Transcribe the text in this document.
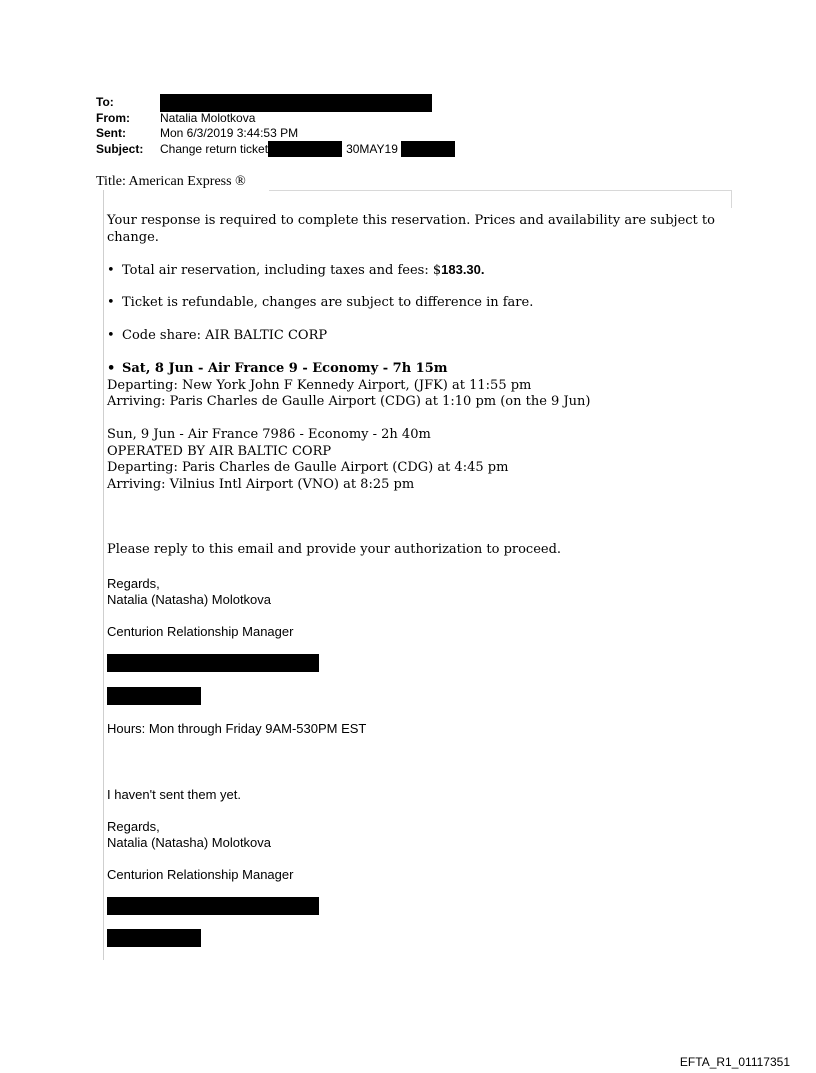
To:
From:	Natalia Molotkova
Sent:	Mon 6/3/2019 3:44:53 PM
Subject:	Change return ticket	30MAY19
Title: American Express ®
Your response is required to complete this reservation. Prices and availability are subject to change.
• Total air reservation, including taxes and fees: $183.30.
• Ticket is refundable, changes are subject to difference in fare.
• Code share: AIR BALTIC CORP
• Sat, 8 Jun - Air France 9 - Economy - 7h 15m
Departing: New York John F Kennedy Airport, (JFK) at 11:55 pm
Arriving: Paris Charles de Gaulle Airport (CDG) at 1:10 pm (on the 9 Jun)
Sun, 9 Jun - Air France 7986 - Economy - 2h 40m
OPERATED BY AIR BALTIC CORP
Departing: Paris Charles de Gaulle Airport (CDG) at 4:45 pm
Arriving: Vilnius Intl Airport (VNO) at 8:25 pm
Please reply to this email and provide your authorization to proceed.
Regards,
Natalia (Natasha) Molotkova
Centurion Relationship Manager
Hours: Mon through Friday 9AM-530PM EST
I haven't sent them yet.
Regards,
Natalia (Natasha) Molotkova
Centurion Relationship Manager
EFTA_R1_01117351
